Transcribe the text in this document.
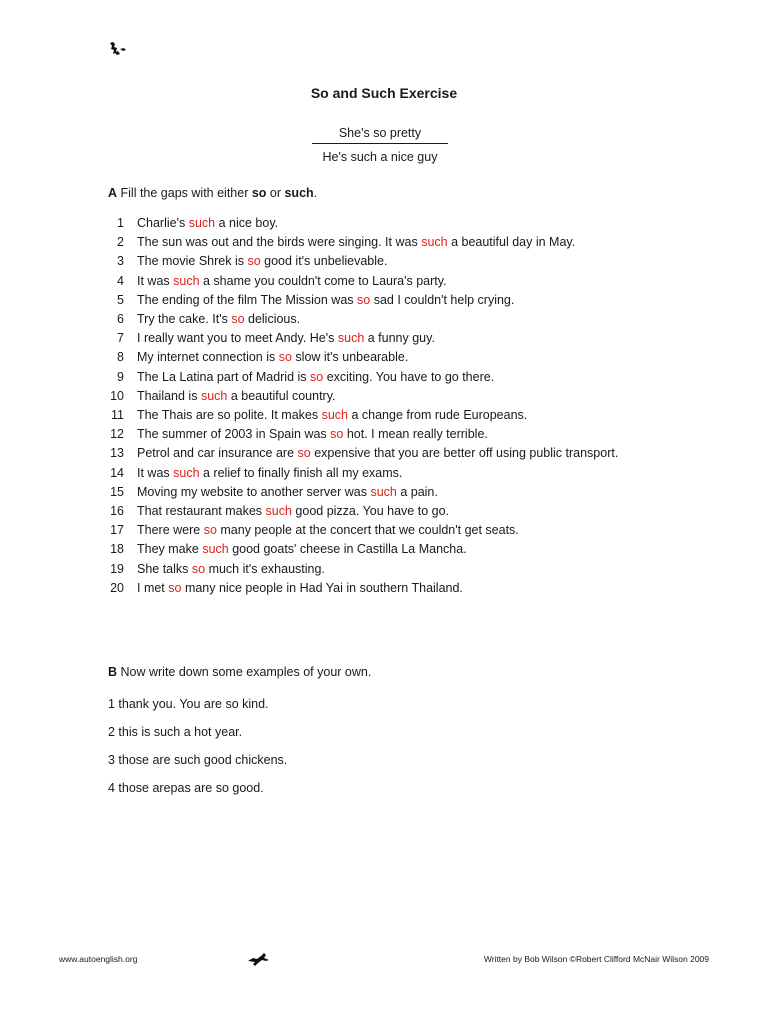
So and Such Exercise
She's so pretty
He's such a nice guy
A Fill the gaps with either so or such.
1 Charlie's such a nice boy.
2 The sun was out and the birds were singing. It was such a beautiful day in May.
3 The movie Shrek is so good it's unbelievable.
4 It was such a shame you couldn't come to Laura's party.
5 The ending of the film The Mission was so sad I couldn't help crying.
6 Try the cake. It's so delicious.
7 I really want you to meet Andy. He's such a funny guy.
8 My internet connection is so slow it's unbearable.
9 The La Latina part of Madrid is so exciting. You have to go there.
10 Thailand is such a beautiful country.
11 The Thais are so polite. It makes such a change from rude Europeans.
12 The summer of 2003 in Spain was so hot. I mean really terrible.
13 Petrol and car insurance are so expensive that you are better off using public transport.
14 It was such a relief to finally finish all my exams.
15 Moving my website to another server was such a pain.
16 That restaurant makes such good pizza. You have to go.
17 There were so many people at the concert that we couldn't get seats.
18 They make such good goats' cheese in Castilla La Mancha.
19 She talks so much it's exhausting.
20 I met so many nice people in Had Yai in southern Thailand.
B Now write down some examples of your own.
1 thank you. You are so kind.
2 this is such a hot year.
3 those are such good chickens.
4 those arepas are so good.
www.autoenglish.org	Written by Bob Wilson ©Robert Clifford McNair Wilson 2009
